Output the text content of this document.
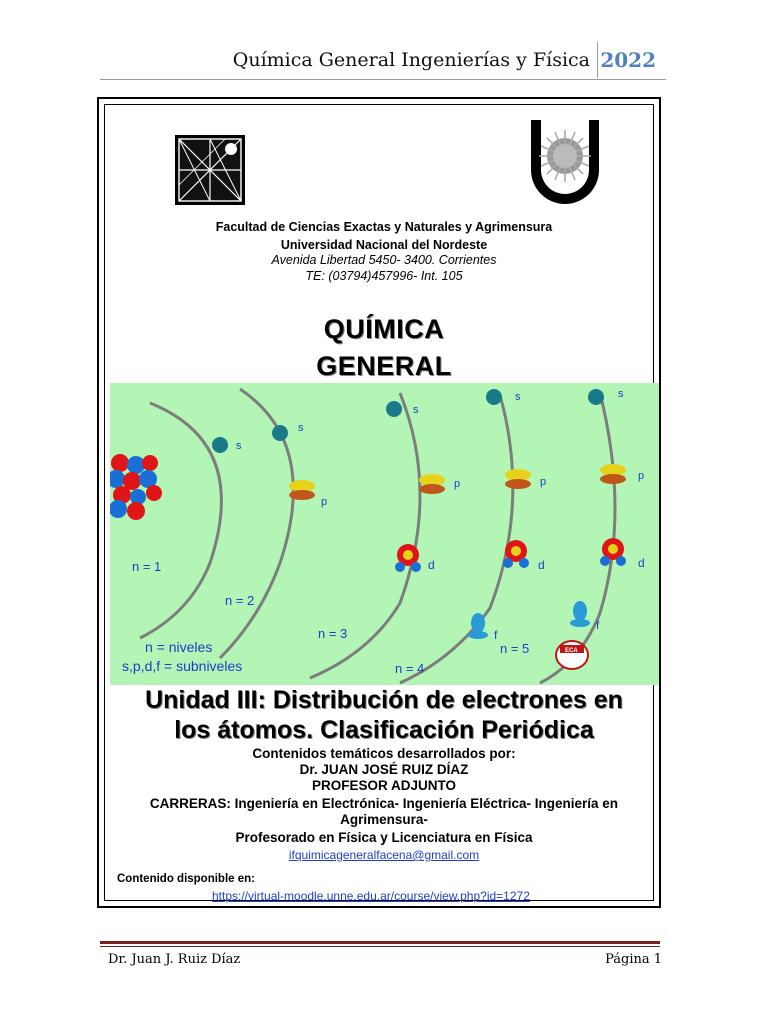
Química General Ingenierías y Física 2022
Facultad de Ciencias Exactas y Naturales y Agrimensura
Universidad Nacional del Nordeste
Avenida Libertad 5450- 3400. Corrientes
TE: (03794)457996- Int. 105
QUÍMICA
GENERAL
n = 1
n = 2
n = 3
n = 4
n = 5
s
s
s
s	s
p
p	p	p
d	d	d
f
f
n = niveles
s,p,d,f = subniveles
ECA
Unidad III: Distribución de electrones en
los átomos. Clasificación Periódica
Contenidos temáticos desarrollados por:
Dr. JUAN JOSÉ RUIZ DÍAZ
PROFESOR ADJUNTO
CARRERAS: Ingeniería en Electrónica- Ingeniería Eléctrica- Ingeniería en
Agrimensura-
Profesorado en Física y Licenciatura en Física
ifquimicageneralfacena@gmail.com
Contenido disponible en:
https://virtual-moodle.unne.edu.ar/course/view.php?id=1272
Dr. Juan J. Ruiz Díaz	Página 1
